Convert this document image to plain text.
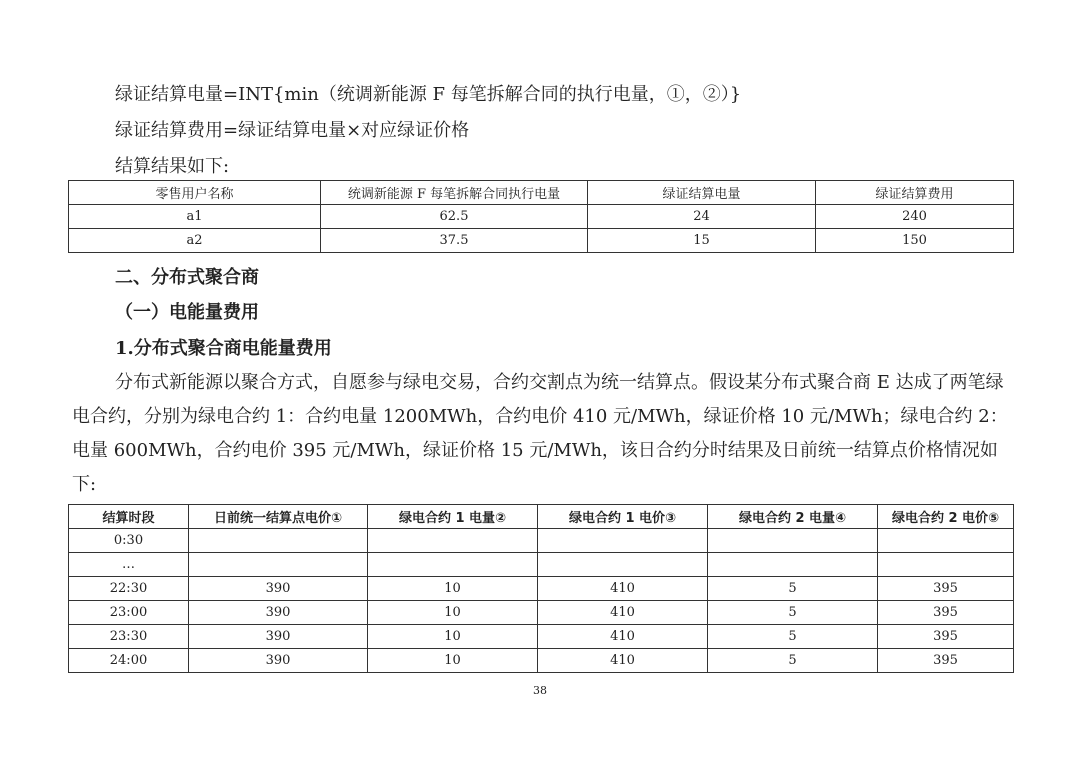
绿证结算电量=INT{min（统调新能源 F 每笔拆解合同的执行电量，①，②）}
绿证结算费用=绿证结算电量×对应绿证价格
结算结果如下:
零售用户名称	统调新能源 F 每笔拆解合同执行电量	绿证结算电量	绿证结算费用
a1	62.5	24	240
a2	37.5	15	150
二、分布式聚合商
（一）电能量费用
1.分布式聚合商电能量费用
分布式新能源以聚合方式，自愿参与绿电交易，合约交割点为统一结算点。假设某分布式聚合商 E 达成了两笔绿电合约，分别为绿电合约 1：合约电量 1200MWh，合约电价 410 元/MWh，绿证价格 10 元/MWh；绿电合约 2：电量 600MWh，合约电价 395 元/MWh，绿证价格 15 元/MWh，该日合约分时结果及日前统一结算点价格情况如下:
结算时段	日前统一结算点电价①	绿电合约 1 电量②	绿电合约 1 电价③	绿电合约 2 电量④	绿电合约 2 电价⑤
0:30					
…					
22:30	390	10	410	5	395
23:00	390	10	410	5	395
23:30	390	10	410	5	395
24:00	390	10	410	5	395
38
